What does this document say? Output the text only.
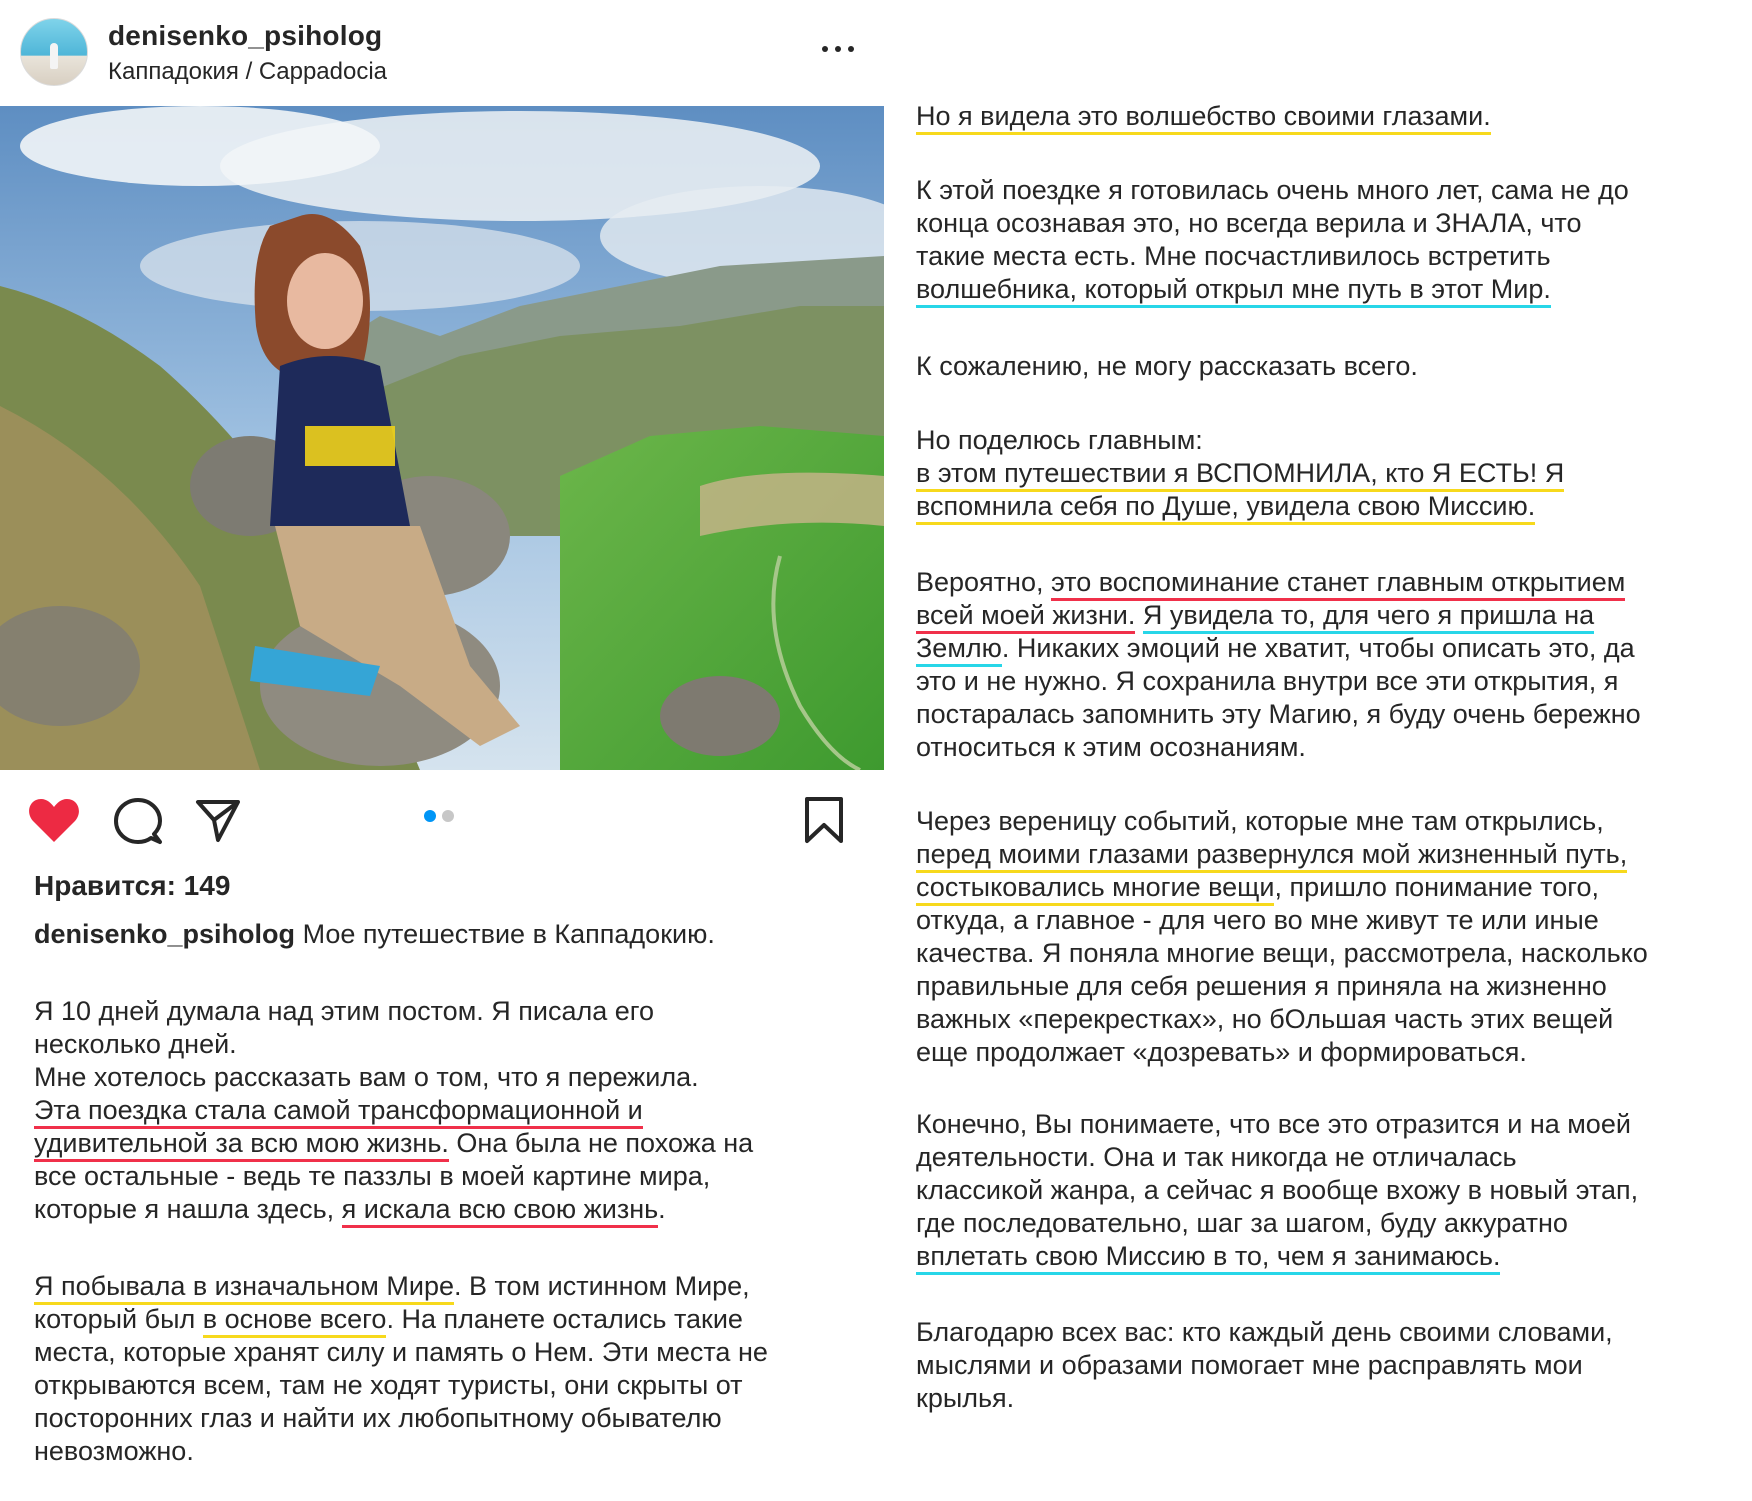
denisenko_psiholog
Каппадокия / Cappadocia
Нравится: 149
denisenko_psiholog Мое путешествие в Каппадокию.
Я 10 дней думала над этим постом. Я писала его
несколько дней.
Мне хотелось рассказать вам о том, что я пережила.
Эта поездка стала самой трансформационной и
удивительной за всю мою жизнь. Она была не похожа на
все остальные - ведь те паззлы в моей картине мира,
которые я нашла здесь, я искала всю свою жизнь.
Я побывала в изначальном Мире. В том истинном Мире,
который был в основе всего. На планете остались такие
места, которые хранят силу и память о Нем. Эти места не
открываются всем, там не ходят туристы, они скрыты от
посторонних глаз и найти их любопытному обывателю
невозможно.
Но я видела это волшебство своими глазами.
К этой поездке я готовилась очень много лет, сама не до
конца осознавая это, но всегда верила и ЗНАЛА, что
такие места есть. Мне посчастливилось встретить
волшебника, который открыл мне путь в этот Мир.
К сожалению, не могу рассказать всего.
Но поделюсь главным:
в этом путешествии я ВСПОМНИЛА, кто Я ЕСТЬ! Я
вспомнила себя по Душе, увидела свою Миссию.
Вероятно, это воспоминание станет главным открытием
всей моей жизни. Я увидела то, для чего я пришла на
Землю. Никаких эмоций не хватит, чтобы описать это, да
это и не нужно. Я сохранила внутри все эти открытия, я
постаралась запомнить эту Магию, я буду очень бережно
относиться к этим осознаниям.
Через вереницу событий, которые мне там открылись,
перед моими глазами развернулся мой жизненный путь,
состыковались многие вещи, пришло понимание того,
откуда, а главное - для чего во мне живут те или иные
качества. Я поняла многие вещи, рассмотрела, насколько
правильные для себя решения я приняла на жизненно
важных «перекрестках», но бОльшая часть этих вещей
еще продолжает «дозревать» и формироваться.
Конечно, Вы понимаете, что все это отразится и на моей
деятельности. Она и так никогда не отличалась
классикой жанра, а сейчас я вообще вхожу в новый этап,
где последовательно, шаг за шагом, буду аккуратно
вплетать свою Миссию в то, чем я занимаюсь.
Благодарю всех вас: кто каждый день своими словами,
мыслями и образами помогает мне расправлять мои
крылья.
